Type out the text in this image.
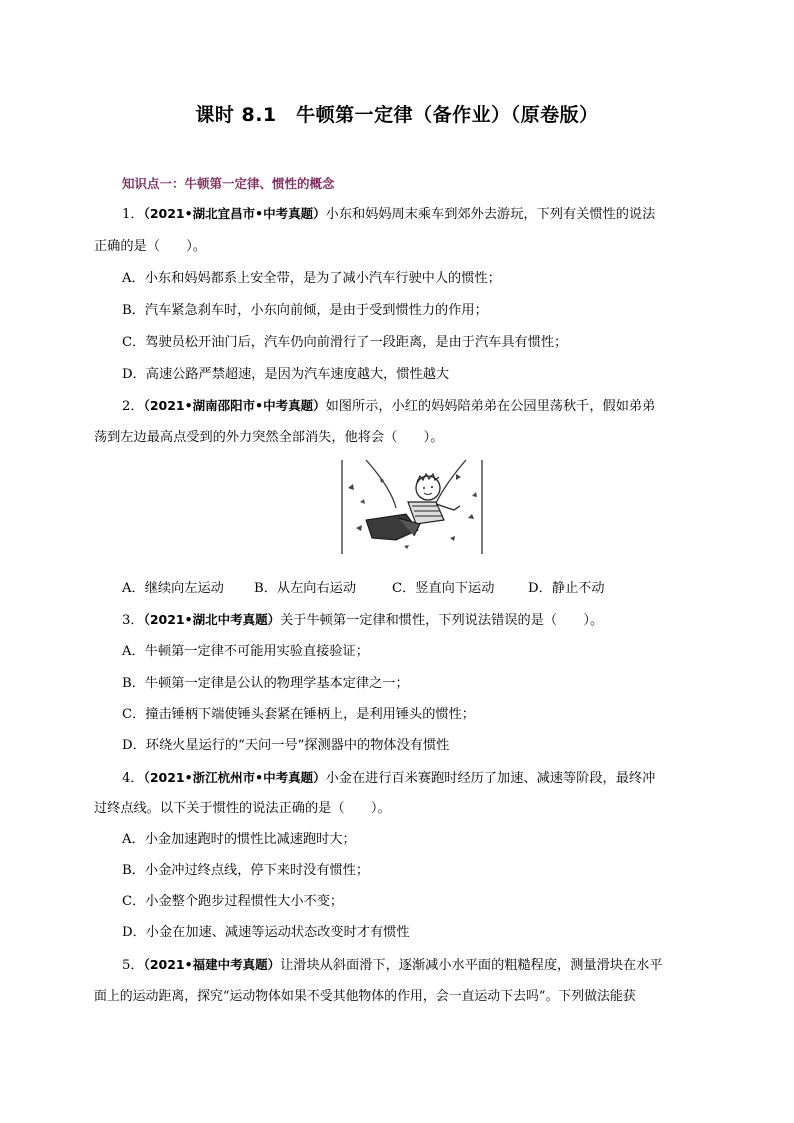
课时 8.1　牛顿第一定律（备作业）（原卷版）
知识点一：牛顿第一定律、惯性的概念
1．（2021•湖北宜昌市•中考真题）小东和妈妈周末乘车到郊外去游玩，下列有关惯性的说法
正确的是（　　）。
A．小东和妈妈都系上安全带，是为了减小汽车行驶中人的惯性；
B．汽车紧急刹车时，小东向前倾，是由于受到惯性力的作用；
C．驾驶员松开油门后，汽车仍向前滑行了一段距离，是由于汽车具有惯性；
D．高速公路严禁超速，是因为汽车速度越大，惯性越大
2．（2021•湖南邵阳市•中考真题）如图所示，小红的妈妈陪弟弟在公园里荡秋千，假如弟弟
荡到左边最高点受到的外力突然全部消失，他将会（　　）。
A．继续向左运动 B．从左向右运动	C．竖直向下运动	D．静止不动
3．（2021•湖北中考真题）关于牛顿第一定律和惯性，下列说法错误的是（　　）。
A．牛顿第一定律不可能用实验直接验证；
B．牛顿第一定律是公认的物理学基本定律之一；
C．撞击锤柄下端使锤头套紧在锤柄上，是利用锤头的惯性；
D．环绕火星运行的“天问一号”探测器中的物体没有惯性
4．（2021•浙江杭州市•中考真题）小金在进行百米赛跑时经历了加速、减速等阶段，最终冲
过终点线。以下关于惯性的说法正确的是（　　）。
A．小金加速跑时的惯性比减速跑时大；
B．小金冲过终点线，停下来时没有惯性；
C．小金整个跑步过程惯性大小不变；
D．小金在加速、减速等运动状态改变时才有惯性
5．（2021•福建中考真题）让滑块从斜面滑下，逐渐减小水平面的粗糙程度，测量滑块在水平
面上的运动距离，探究“运动物体如果不受其他物体的作用，会一直运动下去吗”。下列做法能获
